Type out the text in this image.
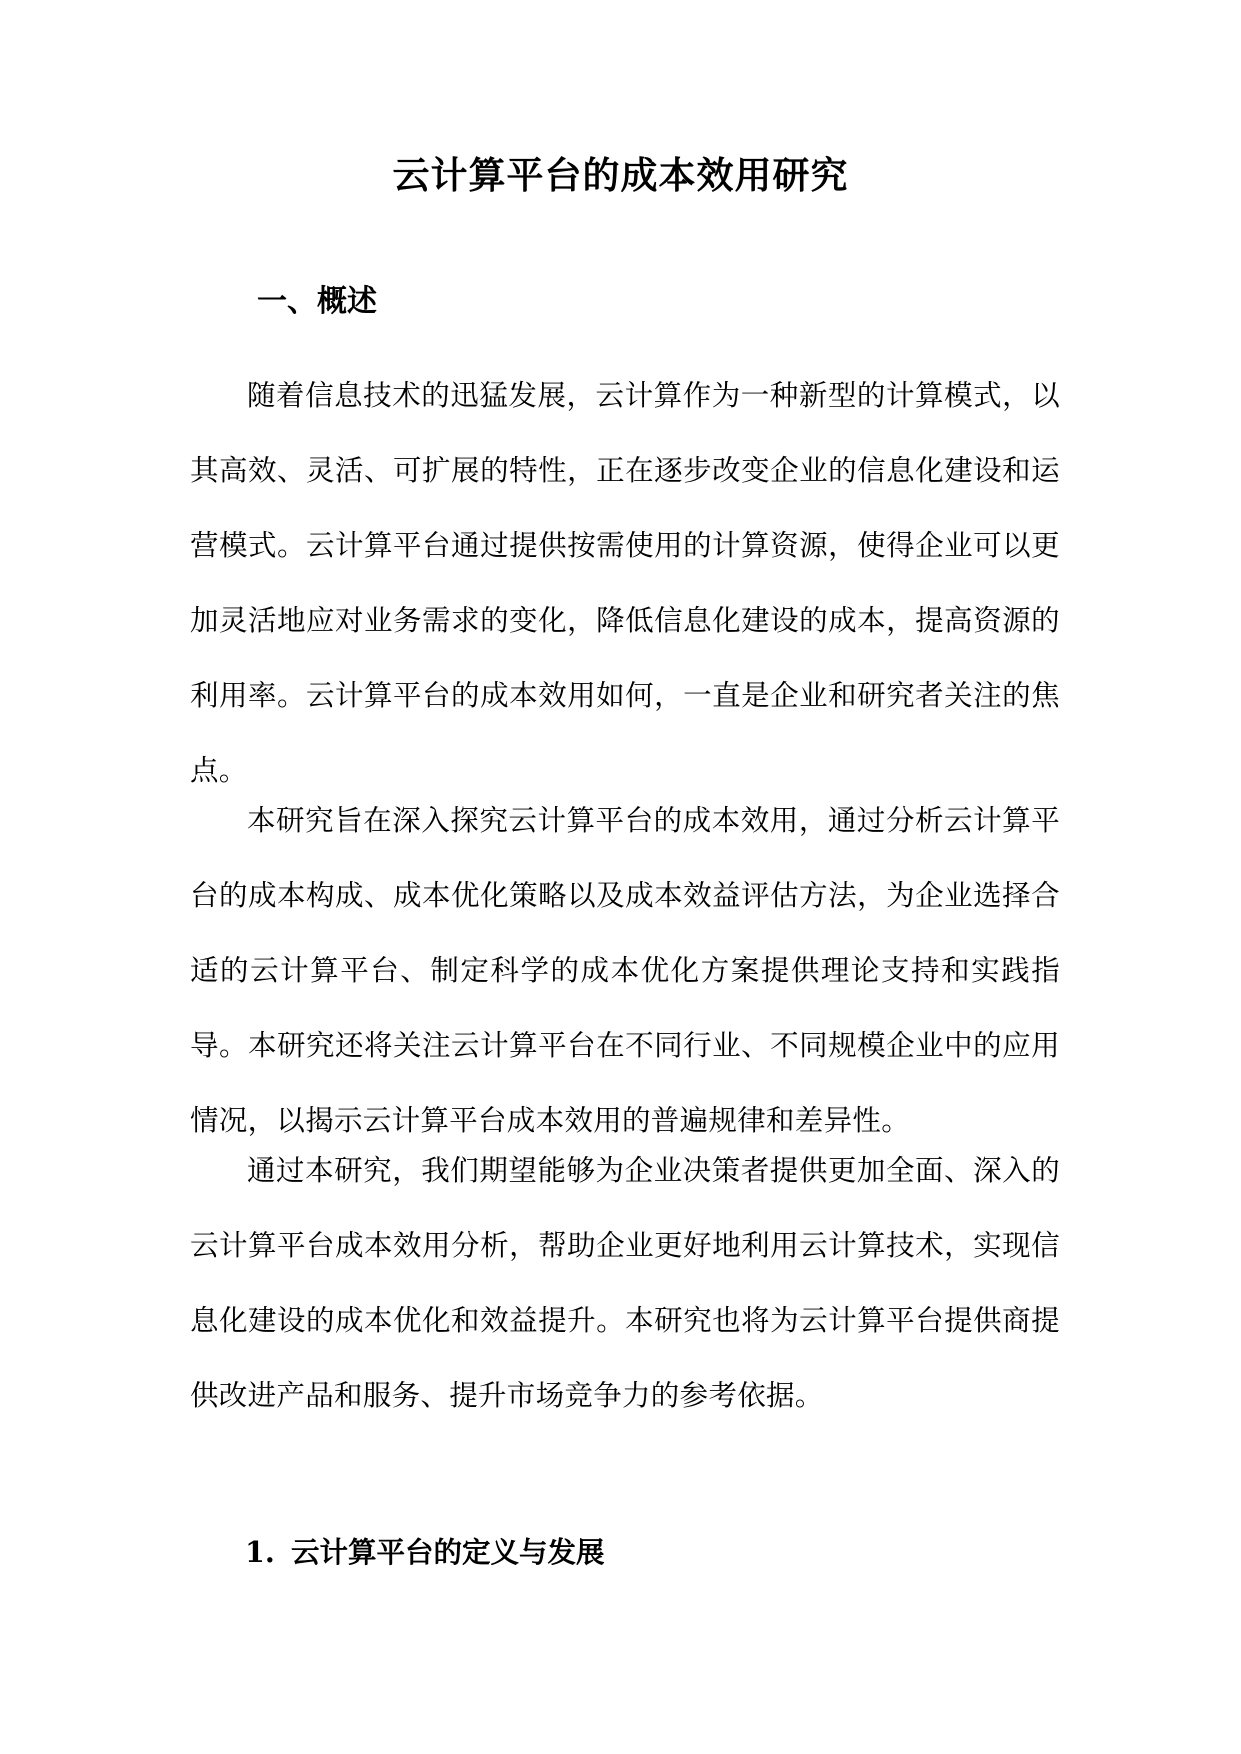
云计算平台的成本效用研究
一、概述

随着信息技术的迅猛发展，云计算作为一种新型的计算模式，以其高效、灵活、可扩展的特性，正在逐步改变企业的信息化建设和运营模式。云计算平台通过提供按需使用的计算资源，使得企业可以更加灵活地应对业务需求的变化，降低信息化建设的成本，提高资源的利用率。云计算平台的成本效用如何，一直是企业和研究者关注的焦点。

本研究旨在深入探究云计算平台的成本效用，通过分析云计算平台的成本构成、成本优化策略以及成本效益评估方法，为企业选择合适的云计算平台、制定科学的成本优化方案提供理论支持和实践指导。本研究还将关注云计算平台在不同行业、不同规模企业中的应用情况，以揭示云计算平台成本效用的普遍规律和差异性。

通过本研究，我们期望能够为企业决策者提供更加全面、深入的云计算平台成本效用分析，帮助企业更好地利用云计算技术，实现信息化建设的成本优化和效益提升。本研究也将为云计算平台提供商提供改进产品和服务、提升市场竞争力的参考依据。

1. 云计算平台的定义与发展
